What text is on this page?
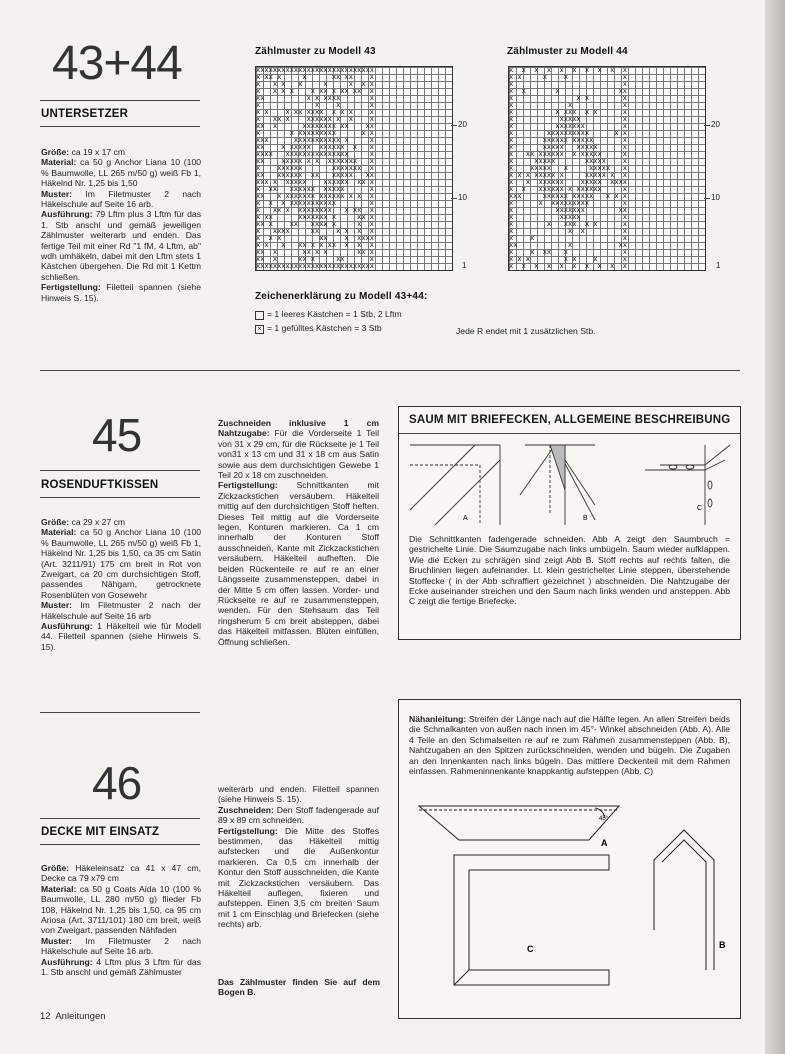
43+44
UNTERSETZER
Größe: ca 19 x 17 cm
Material: ca 50 g Anchor Liana 10 (100 % Baumwolle, LL 265 m/50 g) weiß Fb 1, Häkelnd Nr. 1,25 bis 1,50
Muster: Im Filetmuster 2 nach Häkelschule auf Seite 16 arb.
Ausführung: 79 Lftm plus 3 Lftm für das 1. Stb anschl und gemäß jeweiligen Zählmuster weiterarb und enden. Das fertige Teil mit einer Rd "1 fM, 4 Lftm, ab" wdh umhäkeln, dabei mit den Lftm stets 1 Kästchen übergehen. Die Rd mit 1 Kettm schließen.
Fertigstellung: Filetteil spannen (siehe Hinweis S. 15).
Zählmuster zu Modell 43	Zählmuster zu Modell 44
xxxxxxxxxxxxxxxxxxxxxxxxxxxx
x xx x     x      xx xx    x
x   x x   x     x     x  x x
x   x x x    x xx x xx xx  x
xx          x x xxxx       x
x             x    x       x
x x    x xx xxxx  x x x    x
x   xx x    xxxxxx x  x    x
xx  x      xxxxxxxx xx    xx
x       x xxxxxxxxx      x x
xxx      xxxxxxxxxxx x     x
xx    x xxxxx  xxxxxx  x   x
xxxx   xxxxxxxxxxxxxxx     x
xx    xxxxx x x  xxxxxxx   x
x    xxxxxx       xxxxxxx  x
xx   xxxxxx  xx   xxxxx   xx
xxx x  xxxxx    xxxxxx  xx x
x  xx   xxxxxx  xxxxx      x
xx   x xxxxxxx xxxxxx x x  x
x  x  x xxxxxxxxxxx        x
x   xx x  xxxxxxxx   x xx  x
x xx      xxxxxxx x     xx x
xx x    xx   xxxx x     x  x
x   xxxx     xx    x x  x  x
x  x x         xx    x  xxxx
x x   x   xx x x xx  x  x  x
xx  x      xx x x       xx x
xx  x     xx x     xx      x
xxxxxxxxxxxxxxxxxxxxxxxxxxxx
x  x  x  x  x  x  x  x  x  x
x x     x    x             x
x                          x
x  x       x              xx
x               x x        x
x             x            x
x          x xxx  x x      x
x           xxxxx          x
x          xxxxxxx         x
x        xxxxxxxxxx      x x
x       xxxxxx xxxxx       x
x       xxxxx   xxxxx      x
x   xx xxxxxx  x xxxxx     x
x     xxxxx       xxxxx    x
x    xxxxx   x     xxxxx   x
x x x xxxxx x     xxxxx x  x
x   x  xxxxxx    xxxxx  xxxx
x  x   xxxxxx x xxxxxx     x
xxx     xxxxxx xxxxx   x x x
x      x  xxxxxxxxx        x
x          xxxxxxx        xx
x           xxxxx          x
x        x   xxx  x x      x
x             x  x         x
x    x                     x
xx            x           xx
x    x  xx   x             x
x x x        x x    x      x
x  x  x  x  x  x  x  x  x  x
20
10
1
20
10
1
Zeichenerklärung zu Modell 43+44:
= 1 leeres Kästchen = 1 Stb, 2 Lftm
× = 1 gefülltes Kästchen = 3 Stb	Jede R endet mit 1 zusätzlichen Stb.
45
ROSENDUFTKISSEN
Größe: ca 29 x 27 cm
Material: ca 50 g Anchor Liana 10 (100 % Baumwolle, LL 265 m/50 g) weiß Fb 1, Häkelnd Nr. 1,25 bis 1,50, ca 35 cm Satin (Art. 3211/91) 175 cm breit in Rot von Zweigart, ca 20 cm durchsichtigen Stoff, passendes Nähgarn, getrocknete Rosenblüten von Gosewehr
Muster: Im Filetmuster 2 nach der Häkelschule auf Seite 16 arb
Ausführung: 1 Häkelteil wie für Modell 44. Filetteil spannen (siehe Hinweis S. 15).
Zuschneiden inklusive 1 cm Nahtzugabe: Für die Vorderseite 1 Teil von 31 x 29 cm, für die Rückseite je 1 Teil von31 x 13 cm und 31 x 18 cm aus Satin sowie aus dem durchsichtigen Gewebe 1 Teil 20 x 18 cm zuschneiden.
Fertigstellung: Schnittkanten mit Zickzackstichen versäubern. Häkelteil mittig auf den durchsichtigen Stoff heften. Dieses Teil mittig auf die Vorderseite legen, Konturen markieren. Ca 1 cm innerhalb der Konturen Stoff ausschneiden, Kante mit Zickzackstichen versäubern. Häkelteil aufheften. Die beiden Rückenteile re auf re an einer Längsseite zusammensteppen, dabei in der Mitte 5 cm offen lassen. Vorder- und Rückseite re auf re zusammensteppen, wenden. Für den Stehsaum das Teil ringsherum 5 cm breit absteppen, dabei das Häkelteil mitfassen. Blüten einfüllen, Öffnung schließen.
SAUM MIT BRIEFECKEN, ALLGEMEINE BESCHREIBUNG
A	B
C
Die Schnittkanten fadengerade schneiden. Abb A zeigt den Saumbruch = gestrichelte Linie. Die Saumzugabe nach links umbügeln. Saum wieder aufklappen. Wie die Ecken zu schrägen sind zeigt Abb B. Stoff rechts auf rechts falten, die Bruchlinien liegen aufeinander. Lt. klein gestrichelter Linie steppen, überstehende Stoffecke ( in der Abb schraffiert gezeichnet ) abschneiden. Die Nahtzugabe der Ecke auseinander streichen und den Saum nach links wenden und ansteppen. Abb C zeigt die fertige Briefecke.
46
DECKE MIT EINSATZ
Größe: Häkeleinsatz ca 41 x 47 cm, Decke ca 79 x79 cm
Material: ca 50 g Coats Aida 10 (100 % Baumwolle, LL 280 m/50 g) flieder Fb 108, Häkelnd Nr. 1,25 bis 1,50, ca 95 cm Ariosa (Art. 3711/101) 180 cm breit, weiß von Zweigart, passenden Nähfaden
Muster: Im Filetmuster 2 nach Häkelschule auf Seite 16 arb.
Ausführung: 4 Lftm plus 3 Lftm für das 1. Stb anschl und gemäß Zählmuster
weiterarb und enden. Filetteil spannen (siehe Hinweis S. 15).
Zuschneiden: Den Stoff fadengerade auf 89 x 89 cm schneiden.
Fertigstellung: Die Mitte des Stoffes bestimmen, das Häkelteil mittig aufstecken und die Außenkontur markieren. Ca 0,5 cm innerhalb der Kontur den Stoff ausschneiden, die Kante mit Zickzackstichen versäubern. Das Häkelteil auflegen, fixieren und aufsteppen. Einen 3,5 cm breiten Saum mit 1 cm Einschlag und Briefecken (siehe rechts) arb.
Das Zählmuster finden Sie auf dem Bogen B.
Nähanleitung: Streifen der Länge nach auf die Hälfte legen. An allen Streifen beids die Schmalkanten von außen nach innen im 45°- Winkel abschneiden (Abb. A). Alle 4 Teile an den Schmalseiten re auf re zum Rahmen zusammensteppen (Abb. B), Nahtzugaben an den Spitzen zurückschneiden, wenden und bügeln. Die Zugaben an den Innenkanten nach links bügeln. Das mittlere Deckenteil mit dem Rahmen einfassen. Rahmeninnenkante knappkantig aufsteppen (Abb. C)
45°
A
C	B
12 Anleitungen
